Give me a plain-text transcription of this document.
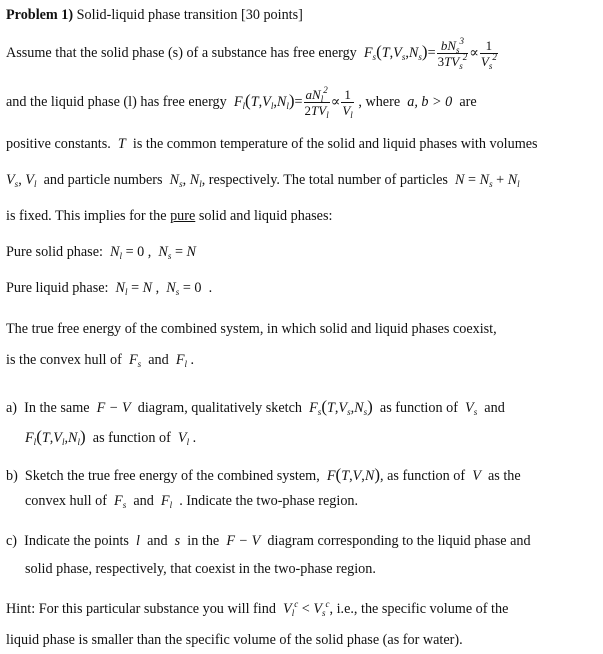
Problem 1) Solid-liquid phase transition [30 points]
Assume that the solid phase (s) of a substance has free energy $F_s(T,V_s,N_s)= \frac{bN_s^3}{3TV_s^2} \propto \frac{1}{V_s^2}$
and the liquid phase (l) has free energy $F_l(T,V_l,N_l)= \frac{aN_l^2}{2TV_l} \propto \frac{1}{V_l}$ , where a, b > 0 are
positive constants. T is the common temperature of the solid and liquid phases with volumes
$V_s$, $V_l$ and particle numbers $N_s$, $N_l$, respectively. The total number of particles $N = N_s + N_l$
is fixed. This implies for the pure solid and liquid phases:
Pure solid phase: $N_l = 0$ ,  $N_s = N$
Pure liquid phase: $N_l = N$ ,  $N_s = 0$  .
The true free energy of the combined system, in which solid and liquid phases coexist,
is the convex hull of $F_s$ and $F_l$ .
a) In the same F − V diagram, qualitatively sketch $F_s(T,V_s,N_s)$ as function of $V_s$ and
$F_l(T,V_l,N_l)$ as function of $V_l$ .
b) Sketch the true free energy of the combined system, F(T,V,N), as function of V as the
convex hull of $F_s$ and $F_l$ . Indicate the two-phase region.
c) Indicate the points l and s in the F − V diagram corresponding to the liquid phase and
solid phase, respectively, that coexist in the two-phase region.
Hint: For this particular substance you will find $V_l^c < V_s^c$, i.e., the specific volume of the
liquid phase is smaller than the specific volume of the solid phase (as for water).
